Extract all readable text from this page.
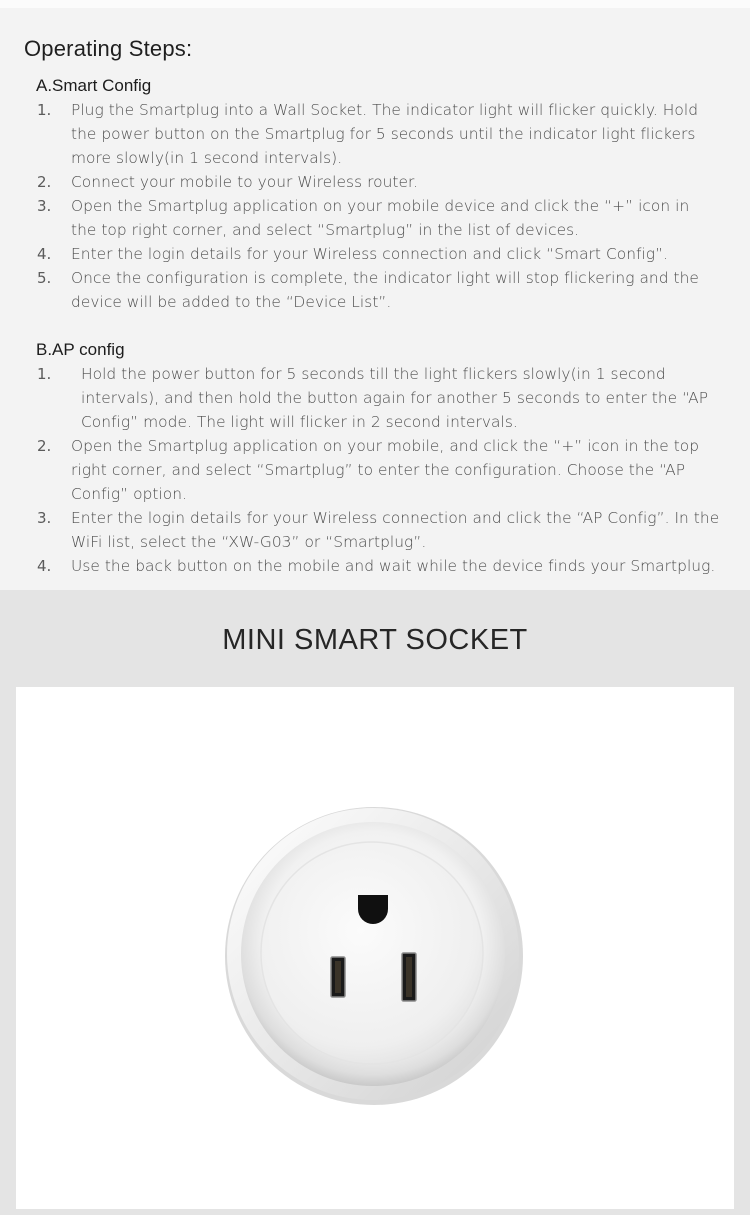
Operating Steps:
A.Smart Config
1. Plug the Smartplug into a Wall Socket. The indicator light will flicker quickly. Hold
the power button on the Smartplug for 5 seconds until the indicator light flickers
more slowly(in 1 second intervals).
2. Connect your mobile to your Wireless router.
3. Open the Smartplug application on your mobile device and click the “+” icon in
the top right corner, and select “Smartplug” in the list of devices.
4. Enter the login details for your Wireless connection and click “Smart Config”.
5. Once the configuration is complete, the indicator light will stop flickering and the
device will be added to the “Device List”.
B.AP config
1. Hold the power button for 5 seconds till the light flickers slowly(in 1 second
intervals), and then hold the button again for another 5 seconds to enter the “AP
Config” mode. The light will flicker in 2 second intervals.
2. Open the Smartplug application on your mobile, and click the “+” icon in the top
right corner, and select “Smartplug” to enter the configuration. Choose the “AP
Config” option.
3. Enter the login details for your Wireless connection and click the “AP Config”. In the
WiFi list, select the “XW-G03” or “Smartplug”.
4. Use the back button on the mobile and wait while the device finds your Smartplug.
MINI SMART SOCKET
